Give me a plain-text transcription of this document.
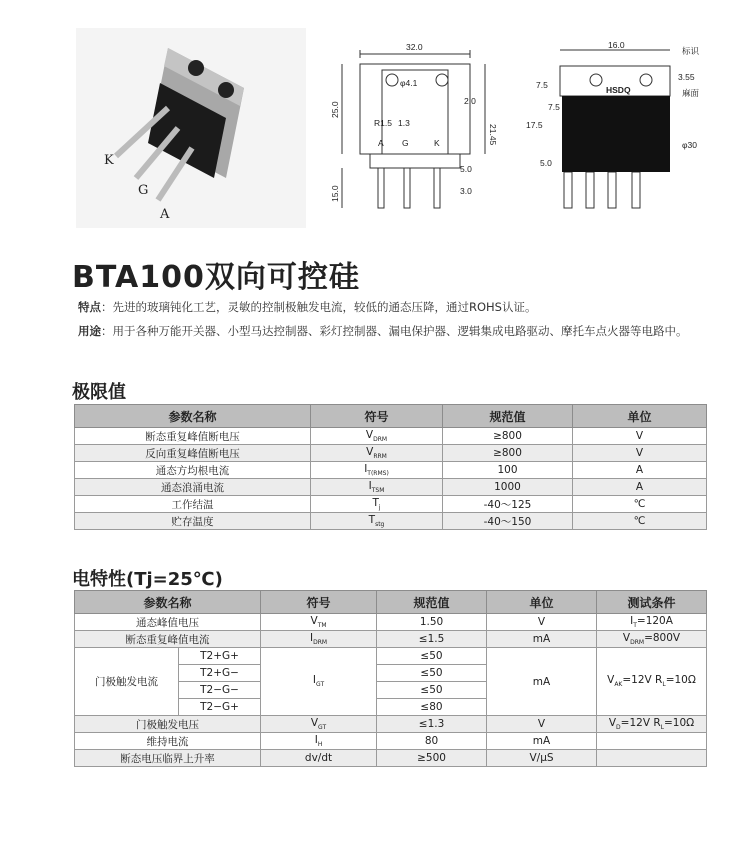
K
G
A
32.0
φ4.1
25.0
2.0
21.45
R1.5 1.3
A G	K
15.0
5.0
3.0
16.0
标识
HSDQ
7.5
3.55
麻面
7.5
17.5
φ30
5.0
BTA100双向可控硅
特点：先进的玻璃钝化工艺，灵敏的控制极触发电流，较低的通态压降，通过ROHS认证。
用途：用于各种万能开关器、小型马达控制器、彩灯控制器、漏电保护器、逻辑集成电路驱动、摩托车点火器等电路中。
极限值
参数名称	符号	规范值	单位
断态重复峰值断电压	$V_{DRM}$	≥800	V
反向重复峰值断电压	$V_{RRM}$	≥800	V
通态方均根电流	$I_{T(RMS)}$	100	A
通态浪涌电流	$I_{TSM}$	1000	A
工作结温	$T_j$	-40～125	℃
贮存温度	$T_{stg}$	-40～150	℃
电特性(Tj=25℃)
参数名称		符号	规范值	单位	测试条件
通态峰值电压		$V_{TM}$	1.50	V	$I_T=120A$
断态重复峰值电流		$I_{DRM}$	≤1.5	mA	$V_{DRM}=800V$
门极触发电流	T2+G+	$I_{GT}$	≤50	mA	$V_{AK}=12V$ $R_L=10\Omega$
	T2+G−		≤50		
	T2−G−		≤50		
	T2−G+		≤80		
门极触发电压		$V_{GT}$	≤1.3	V	$V_D=12V$ $R_L=10\Omega$
维持电流		$I_H$	80	mA	
断态电压临界上升率		dv/dt	≥500	V/μS	
